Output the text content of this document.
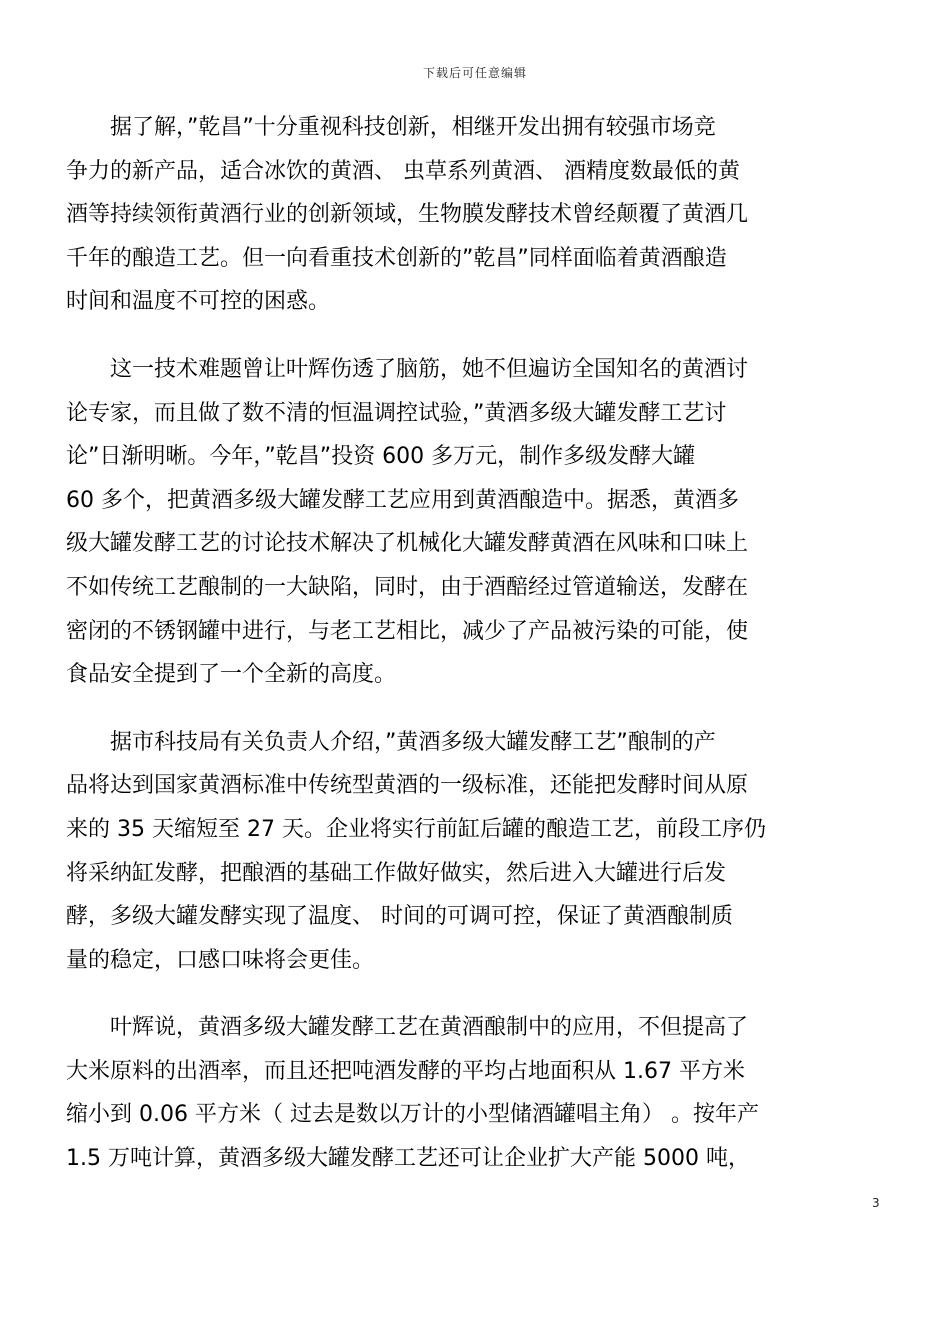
下载后可任意编辑
　　据了解，”乾昌”十分重视科技创新，相继开发出拥有较强市场竞
争力的新产品，适合冰饮的黄酒、 虫草系列黄酒、 酒精度数最低的黄
酒等持续领衔黄酒行业的创新领域，生物膜发酵技术曾经颠覆了黄酒几
千年的酿造工艺。但一向看重技术创新的”乾昌”同样面临着黄酒酿造
时间和温度不可控的困惑。
　　这一技术难题曾让叶辉伤透了脑筋，她不但遍访全国知名的黄酒讨
论专家，而且做了数不清的恒温调控试验，”黄酒多级大罐发酵工艺讨
论”日渐明晰。今年，”乾昌”投资 600 多万元，制作多级发酵大罐
60 多个，把黄酒多级大罐发酵工艺应用到黄酒酿造中。据悉，黄酒多
级大罐发酵工艺的讨论技术解决了机械化大罐发酵黄酒在风味和口味上
不如传统工艺酿制的一大缺陷，同时，由于酒醅经过管道输送，发酵在
密闭的不锈钢罐中进行，与老工艺相比，减少了产品被污染的可能，使
食品安全提到了一个全新的高度。
　　据市科技局有关负责人介绍，”黄酒多级大罐发酵工艺”酿制的产
品将达到国家黄酒标准中传统型黄酒的一级标准，还能把发酵时间从原
来的 35 天缩短至 27 天。企业将实行前缸后罐的酿造工艺，前段工序仍
将采纳缸发酵，把酿酒的基础工作做好做实，然后进入大罐进行后发
酵，多级大罐发酵实现了温度、 时间的可调可控，保证了黄酒酿制质
量的稳定，口感口味将会更佳。
　　叶辉说，黄酒多级大罐发酵工艺在黄酒酿制中的应用，不但提高了
大米原料的出酒率，而且还把吨酒发酵的平均占地面积从 1.67 平方米
缩小到 0.06 平方米（ 过去是数以万计的小型储酒罐唱主角） 。按年产
1.5 万吨计算，黄酒多级大罐发酵工艺还可让企业扩大产能 5000 吨，
3
